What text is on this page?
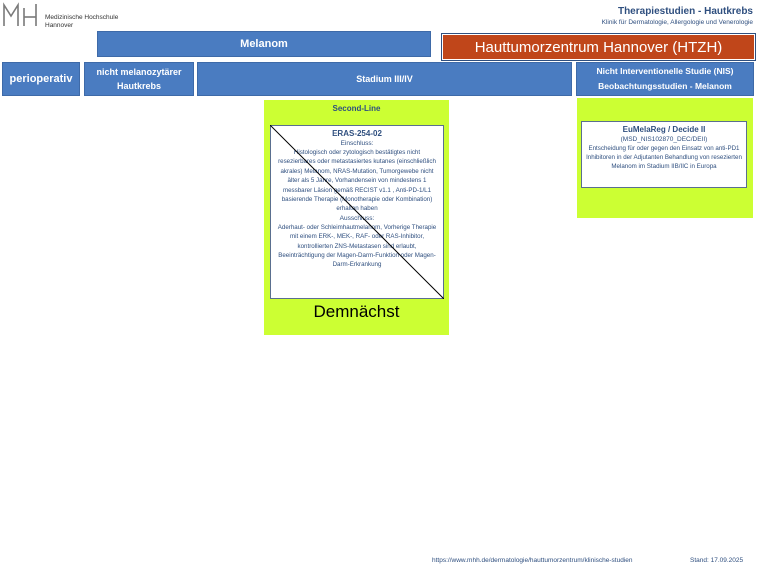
Medizinische Hochschule
Hannover
Therapiestudien - Hautkrebs
Klinik für Dermatologie, Allergologie und Venerologie
Melanom	Hauttumorzentrum Hannover (HTZH)
perioperativ
nicht melanozytärer
Hautkrebs
Stadium III/IV
Nicht Interventionelle Studie (NIS)
Beobachtungsstudien - Melanom
Second-Line
ERAS-254-02
Einschluss:
Histologisch oder zytologisch bestätigtes nicht resezierbares oder metastasiertes kutanes (einschließlich akrales) Melanom, NRAS-Mutation, Tumorgewebe nicht älter als 5 Jahre, Vorhandensein von mindestens 1 messbarer Läsion gemäß RECIST v1.1 , Anti-PD-1/L1 basierende Therapie (Monotherapie oder Kombination) erhalten haben
Ausschluss:
Aderhaut- oder Schleimhautmelanom, Vorherige Therapie mit einem ERK-, MEK-, RAF- oder RAS-Inhibitor, kontrollierten ZNS-Metastasen sind erlaubt, Beeinträchtigung der Magen-Darm-Funktion oder Magen-Darm-Erkrankung
Demnächst
EuMelaReg / Decide II
(MSD_NIS102870_DEC/DEII)
Entscheidung für oder gegen den Einsatz von anti-PD1 Inhibitoren in der Adjutanten Behandlung von resezierten Melanom im Stadium IIB/IIC in Europa
https://www.mhh.de/dermatologie/hauttumorzentrum/klinische-studien	Stand: 17.09.2025
